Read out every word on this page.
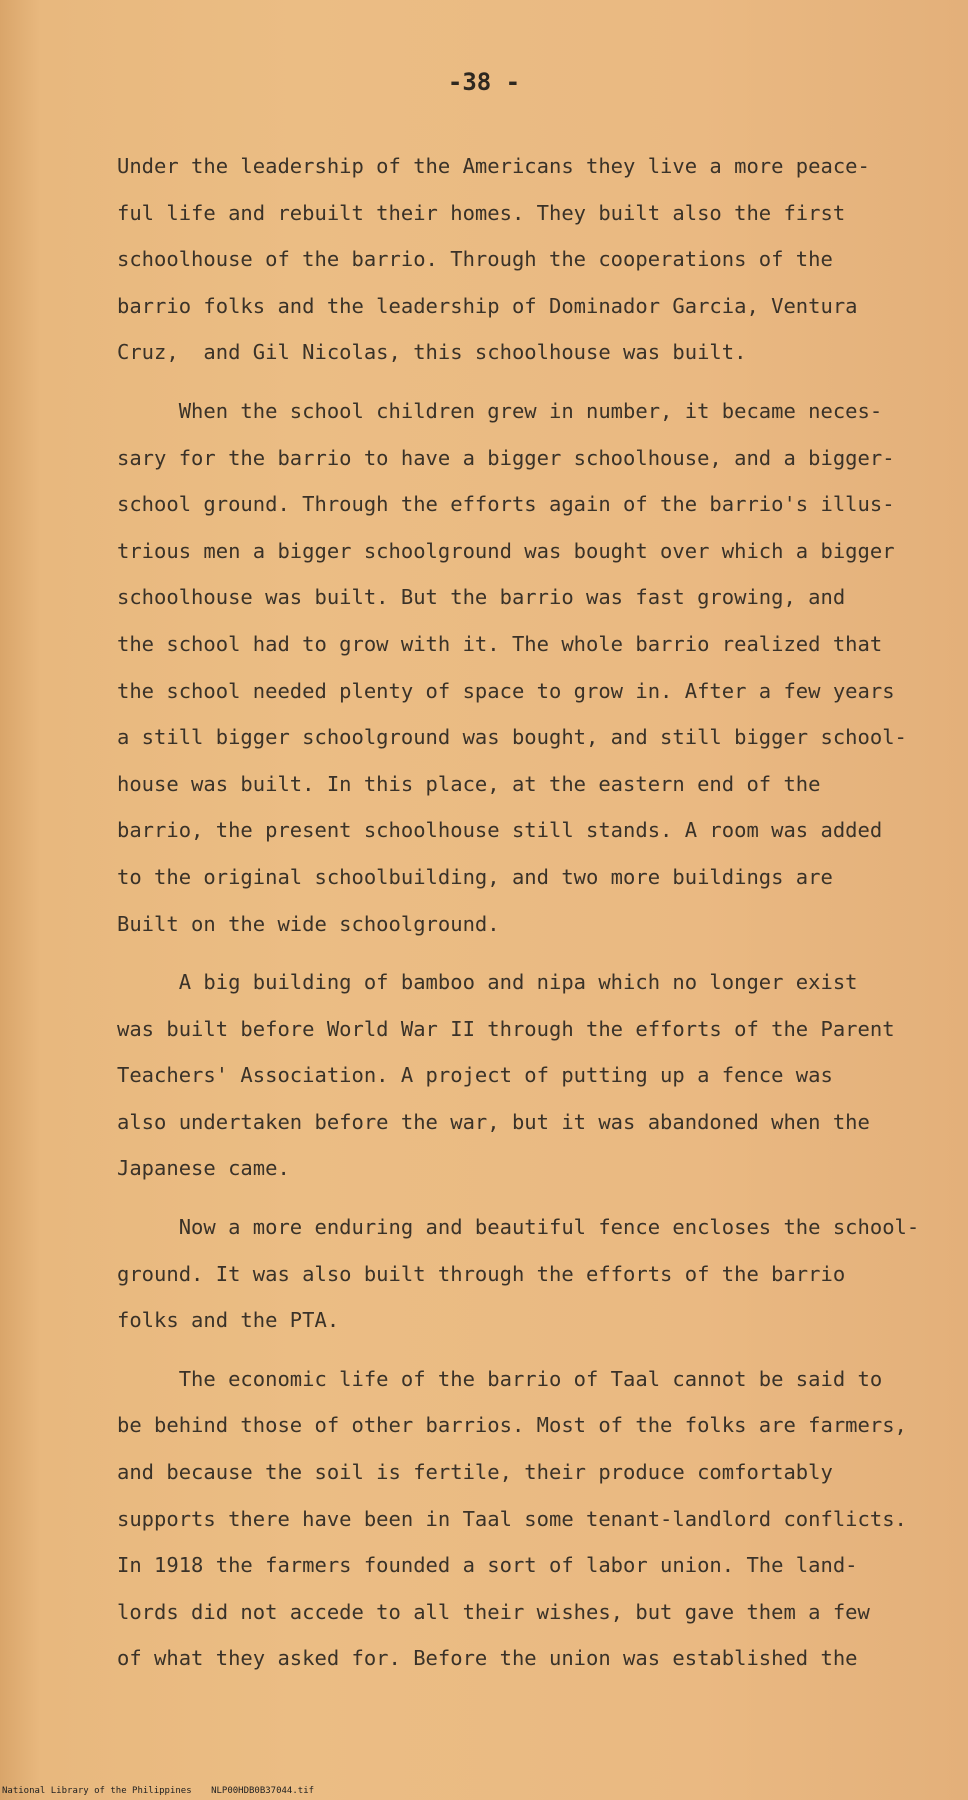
-38 -
Under the leadership of the Americans they live a more peace-
ful life and rebuilt their homes. They built also the first
schoolhouse of the barrio. Through the cooperations of the
barrio folks and the leadership of Dominador Garcia, Ventura
Cruz,  and Gil Nicolas, this schoolhouse was built.
When the school children grew in number, it became neces-
sary for the barrio to have a bigger schoolhouse, and a bigger-
school ground. Through the efforts again of the barrio's illus-
trious men a bigger schoolground was bought over which a bigger
schoolhouse was built. But the barrio was fast growing, and
the school had to grow with it. The whole barrio realized that
the school needed plenty of space to grow in. After a few years
a still bigger schoolground was bought, and still bigger school-
house was built. In this place, at the eastern end of the
barrio, the present schoolhouse still stands. A room was added
to the original schoolbuilding, and two more buildings are
Built on the wide schoolground.
A big building of bamboo and nipa which no longer exist
was built before World War II through the efforts of the Parent
Teachers' Association. A project of putting up a fence was
also undertaken before the war, but it was abandoned when the
Japanese came.
Now a more enduring and beautiful fence encloses the school-
ground. It was also built through the efforts of the barrio
folks and the PTA.
The economic life of the barrio of Taal cannot be said to
be behind those of other barrios. Most of the folks are farmers,
and because the soil is fertile, their produce comfortably
supports there have been in Taal some tenant-landlord conflicts.
In 1918 the farmers founded a sort of labor union. The land-
lords did not accede to all their wishes, but gave them a few
of what they asked for. Before the union was established the
National Library of the Philippines NLP00HDB0B37044.tif
